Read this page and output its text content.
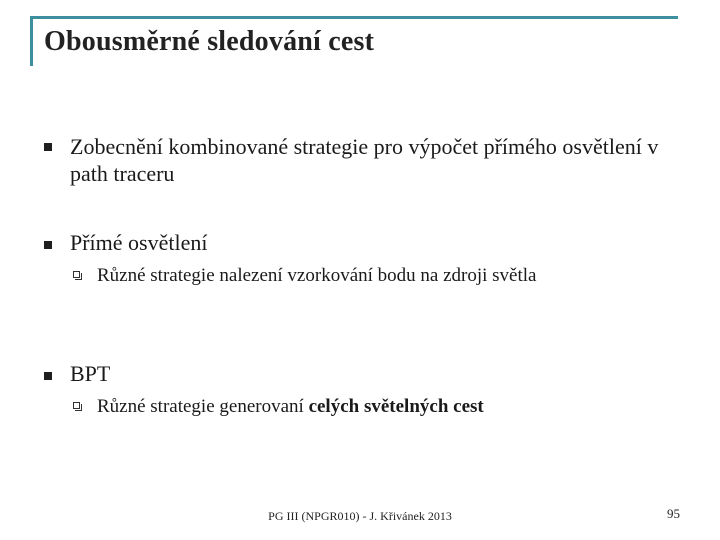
Obousměrné sledování cest
Zobecnění kombinované strategie pro výpočet přímého osvětlení v path traceru
Přímé osvětlení
Různé strategie nalezení vzorkování bodu na zdroji světla
BPT
Různé strategie generovaní celých světelných cest
PG III (NPGR010) - J. Křivánek 2013	95
